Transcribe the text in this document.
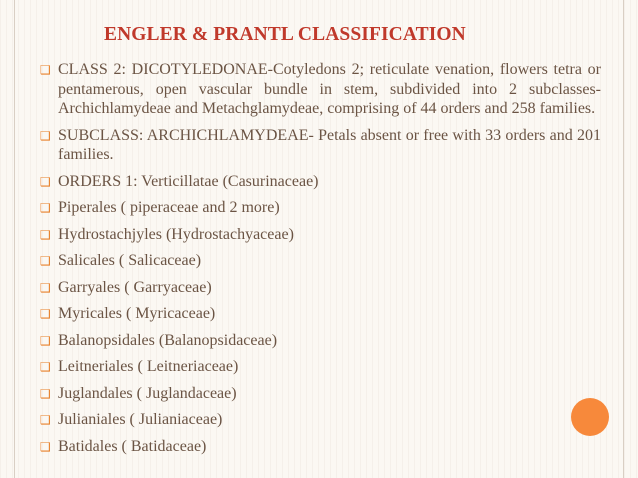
ENGLER & PRANTL CLASSIFICATION
❑ CLASS 2: DICOTYLEDONAE-Cotyledons 2; reticulate venation, flowers tetra or pentamerous, open vascular bundle in stem, subdivided into 2 subclasses-Archichlamydeae and Metachglamydeae, comprising of 44 orders and 258 families.
❑ SUBCLASS: ARCHICHLAMYDEAE- Petals absent or free with 33 orders and 201 families.
❑ ORDERS 1: Verticillatae (Casurinaceae)
❑ Piperales ( piperaceae and 2 more)
❑ Hydrostachjyles (Hydrostachyaceae)
❑ Salicales ( Salicaceae)
❑ Garryales ( Garryaceae)
❑ Myricales ( Myricaceae)
❑ Balanopsidales (Balanopsidaceae)
❑ Leitneriales ( Leitneriaceae)
❑ Juglandales ( Juglandaceae)
❑ Julianiales ( Julianiaceae)
❑ Batidales ( Batidaceae)
